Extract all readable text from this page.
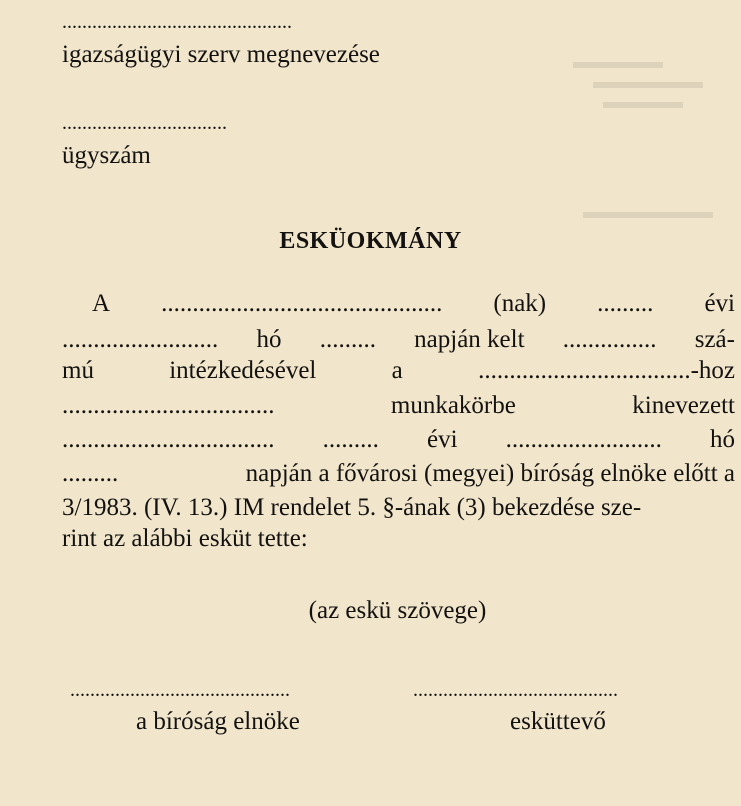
..............................................
igazságügyi szerv megnevezése
.................................
ügyszám
ESKÜOKMÁNY
A ............................................. (nak) ......... évi
......................... hó ......... napján kelt ............... szá-
mú	intézkedésével	a	.................................. -hoz
..................................	munkakörbe	kinevezett
.................................. ......... évi ......................... hó
.........	napján a fővárosi (megyei) bíróság elnöke előtt a
3/1983. (IV. 13.) IM rendelet 5. §-ának (3) bekezdése sze-
rint az alábbi esküt tette:
(az eskü szövege)
............................................	.........................................
a bíróság elnöke	esküttevő
